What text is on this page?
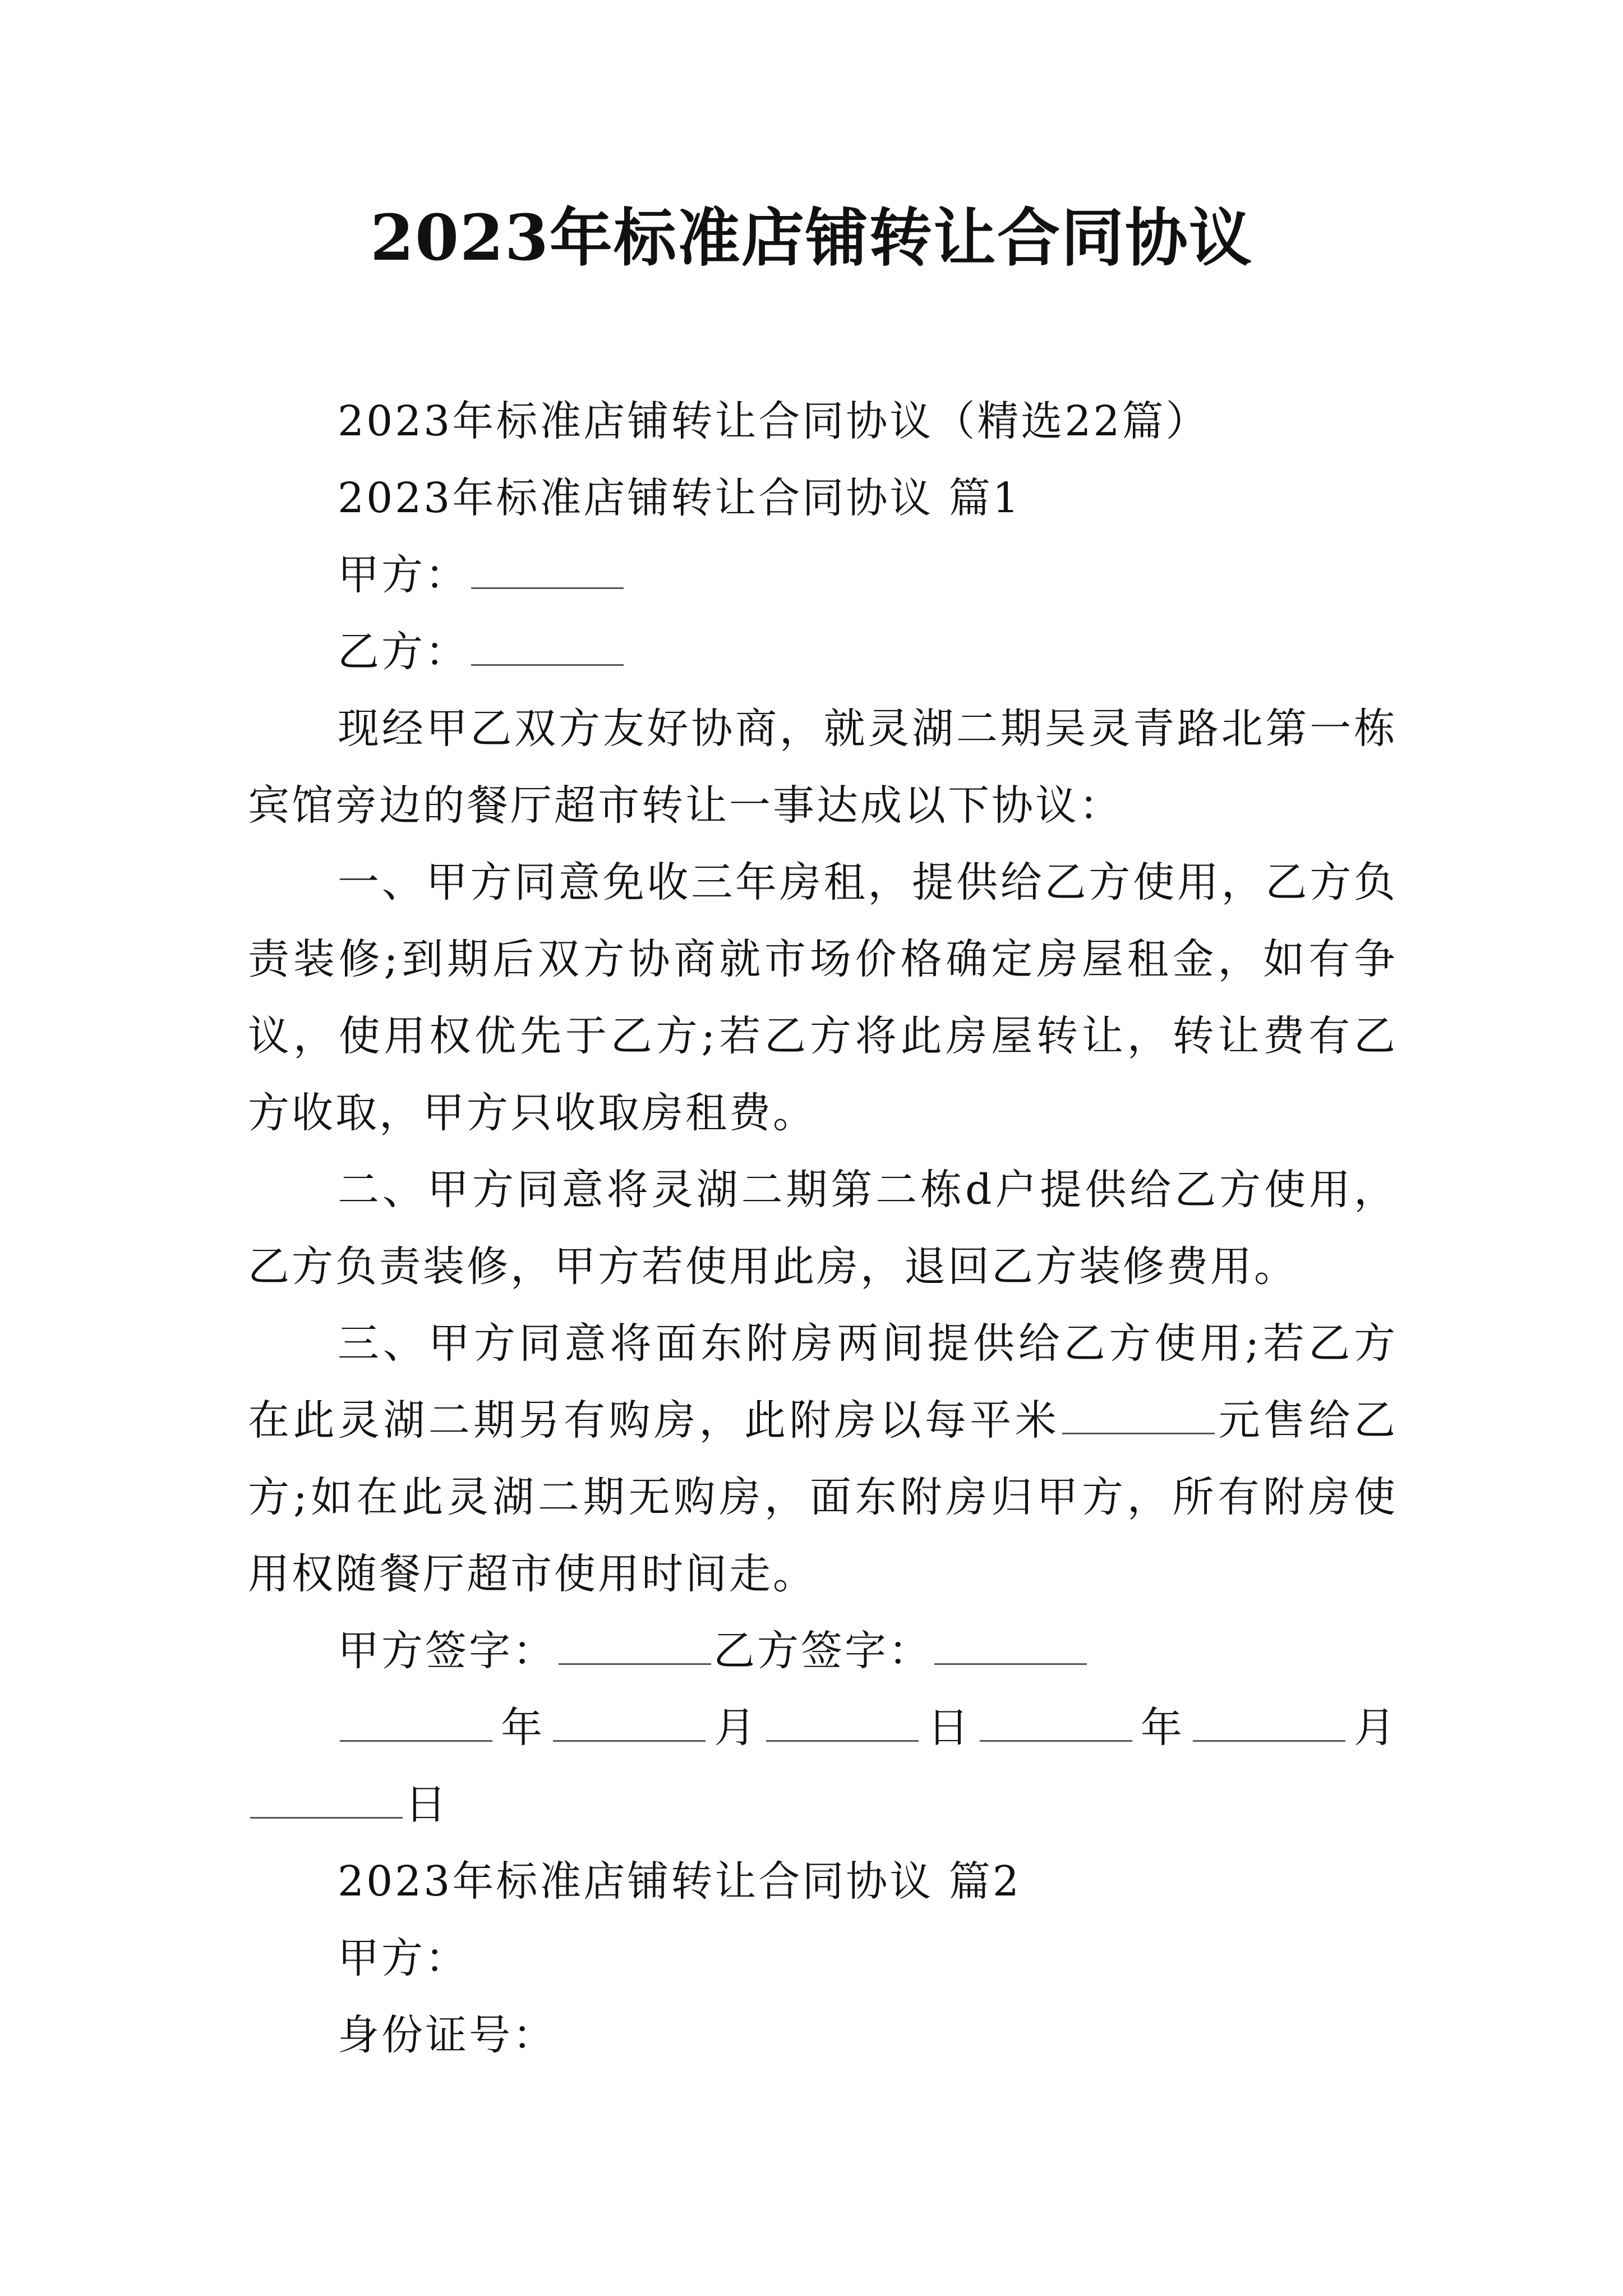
2023年标准店铺转让合同协议

2023年标准店铺转让合同协议（精选22篇）

2023年标准店铺转让合同协议 篇1

甲方：

乙方：

现经甲乙双方友好协商，就灵湖二期吴灵青路北第一栋宾馆旁边的餐厅超市转让一事达成以下协议：

一、甲方同意免收三年房租，提供给乙方使用，乙方负责装修;到期后双方协商就市场价格确定房屋租金，如有争议，使用权优先于乙方;若乙方将此房屋转让，转让费有乙方收取，甲方只收取房租费。

二、甲方同意将灵湖二期第二栋d户提供给乙方使用，乙方负责装修，甲方若使用此房，退回乙方装修费用。

三、甲方同意将面东附房两间提供给乙方使用;若乙方在此灵湖二期另有购房，此附房以每平米	元售给乙方;如在此灵湖二期无购房，面东附房归甲方，所有附房使用权随餐厅超市使用时间走。

甲方签字：	乙方签字：

年	月	日	年	月日

2023年标准店铺转让合同协议 篇2

甲方：

身份证号：
